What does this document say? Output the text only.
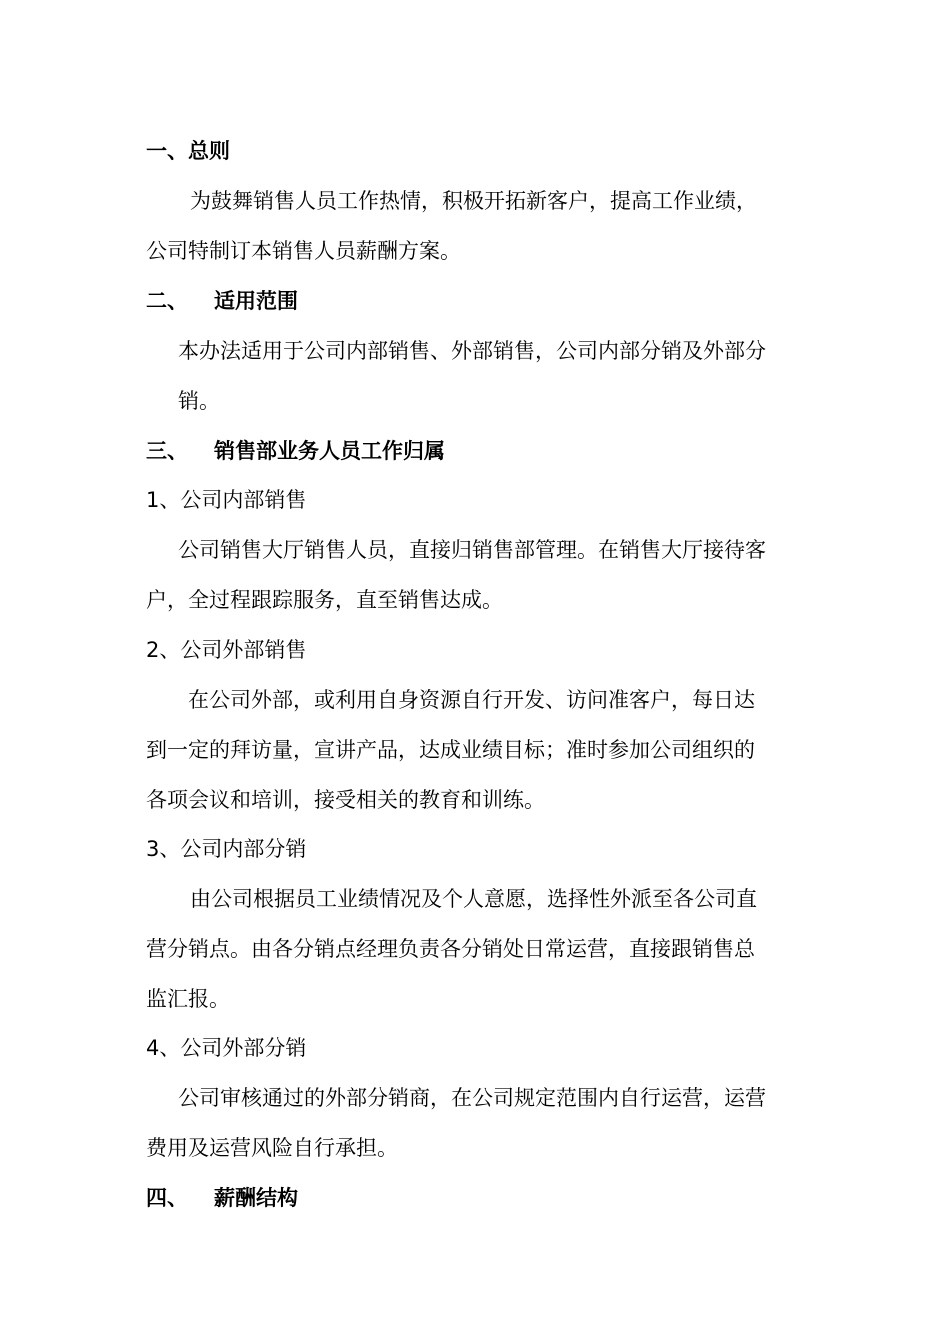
一、总则
为鼓舞销售人员工作热情，积极开拓新客户，提高工作业绩，
公司特制订本销售人员薪酬方案。
二、 适用范围
本办法适用于公司内部销售、外部销售，公司内部分销及外部分
销。
三、 销售部业务人员工作归属
1、公司内部销售
公司销售大厅销售人员，直接归销售部管理。在销售大厅接待客
户，全过程跟踪服务，直至销售达成。
2、公司外部销售
在公司外部，或利用自身资源自行开发、访问准客户，每日达
到一定的拜访量，宣讲产品，达成业绩目标；准时参加公司组织的
各项会议和培训，接受相关的教育和训练。
3、公司内部分销
由公司根据员工业绩情况及个人意愿，选择性外派至各公司直
营分销点。由各分销点经理负责各分销处日常运营，直接跟销售总
监汇报。
4、公司外部分销
公司审核通过的外部分销商，在公司规定范围内自行运营，运营
费用及运营风险自行承担。
四、 薪酬结构
